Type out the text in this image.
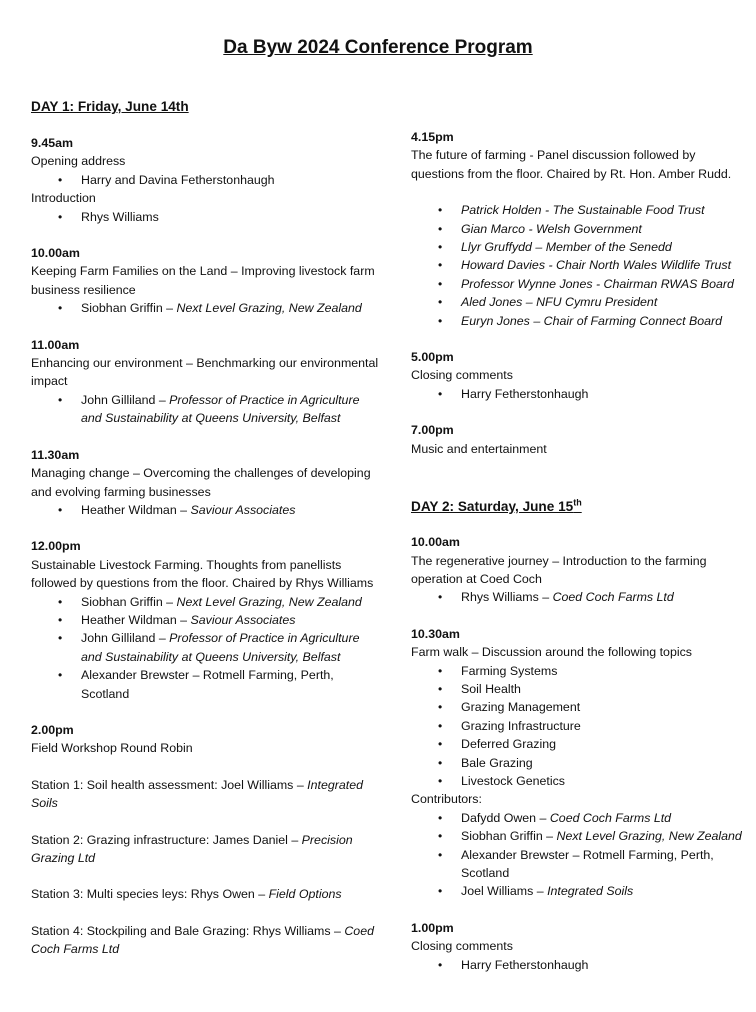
Da Byw 2024 Conference Program

DAY 1: Friday, June 14th

9.45am

Opening address

• Harry and Davina Fetherstonhaugh

Introduction

• Rhys Williams

10.00am

Keeping Farm Families on the Land – Improving livestock farm business resilience

• Siobhan Griffin – Next Level Grazing, New Zealand

11.00am

Enhancing our environment – Benchmarking our environmental impact

• John Gilliland – Professor of Practice in Agriculture and Sustainability at Queens University, Belfast

11.30am

Managing change – Overcoming the challenges of developing and evolving farming businesses

• Heather Wildman – Saviour Associates

12.00pm

Sustainable Livestock Farming. Thoughts from panellists followed by questions from the floor. Chaired by Rhys Williams

• Siobhan Griffin – Next Level Grazing, New Zealand
• Heather Wildman – Saviour Associates
• John Gilliland – Professor of Practice in Agriculture and Sustainability at Queens University, Belfast
• Alexander Brewster – Rotmell Farming, Perth, Scotland

2.00pm

Field Workshop Round Robin

Station 1: Soil health assessment: Joel Williams – Integrated Soils

Station 2: Grazing infrastructure: James Daniel – Precision Grazing Ltd

Station 3: Multi species leys: Rhys Owen – Field Options

Station 4: Stockpiling and Bale Grazing: Rhys Williams – Coed Coch Farms Ltd

4.15pm

The future of farming - Panel discussion followed by questions from the floor. Chaired by Rt. Hon. Amber Rudd.

• Patrick Holden - The Sustainable Food Trust
• Gian Marco - Welsh Government
• Llyr Gruffydd – Member of the Senedd
• Howard Davies - Chair North Wales Wildlife Trust
• Professor Wynne Jones - Chairman RWAS Board
• Aled Jones – NFU Cymru President
• Euryn Jones – Chair of Farming Connect Board

5.00pm

Closing comments

• Harry Fetherstonhaugh

7.00pm

Music and entertainment

DAY 2: Saturday, June 15th

10.00am

The regenerative journey – Introduction to the farming operation at Coed Coch

• Rhys Williams – Coed Coch Farms Ltd

10.30am

Farm walk – Discussion around the following topics

• Farming Systems
• Soil Health
• Grazing Management
• Grazing Infrastructure
• Deferred Grazing
• Bale Grazing
• Livestock Genetics

Contributors:

• Dafydd Owen – Coed Coch Farms Ltd
• Siobhan Griffin – Next Level Grazing, New Zealand
• Alexander Brewster – Rotmell Farming, Perth, Scotland
• Joel Williams – Integrated Soils

1.00pm

Closing comments

• Harry Fetherstonhaugh
